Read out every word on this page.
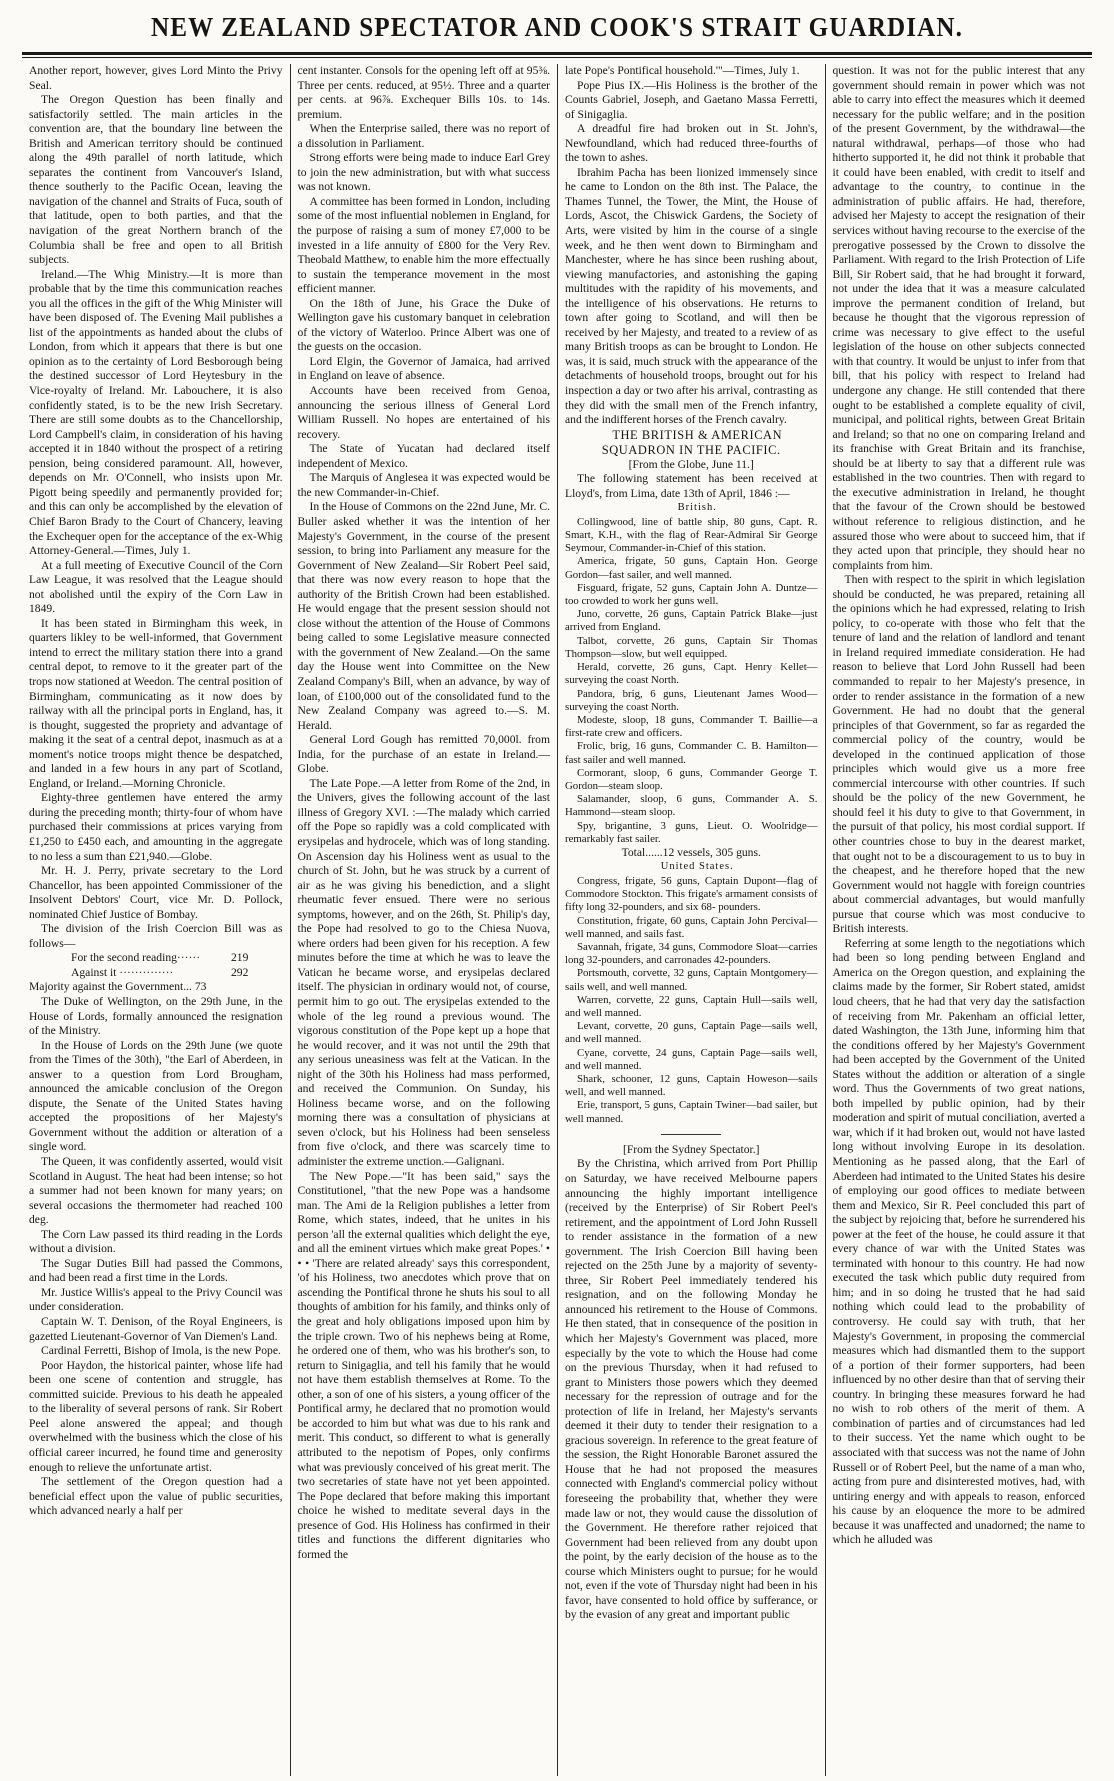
NEW ZEALAND SPECTATOR AND COOK'S STRAIT GUARDIAN.

Another report, however, gives Lord Minto the Privy Seal.

The Oregon Question has been finally and satisfactorily settled. The main articles in the convention are, that the boundary line between the British and American territory should be continued along the 49th parallel of north latitude, which separates the continent from Vancouver's Island, thence southerly to the Pacific Ocean, leaving the navigation of the channel and Straits of Fuca, south of that latitude, open to both parties, and that the navigation of the great Northern branch of the Columbia shall be free and open to all British subjects.

Ireland.—The Whig Ministry.—It is more than probable that by the time this communication reaches you all the offices in the gift of the Whig Minister will have been disposed of. The Evening Mail publishes a list of the appointments as handed about the clubs of London, from which it appears that there is but one opinion as to the certainty of Lord Besborough being the destined successor of Lord Heytesbury in the Vice-royalty of Ireland. Mr. Labouchere, it is also confidently stated, is to be the new Irish Secretary. There are still some doubts as to the Chancellorship, Lord Campbell's claim, in consideration of his having accepted it in 1840 without the prospect of a retiring pension, being considered paramount. All, however, depends on Mr. O'Connell, who insists upon Mr. Pigott being speedily and permanently provided for; and this can only be accomplished by the elevation of Chief Baron Brady to the Court of Chancery, leaving the Exchequer open for the acceptance of the ex-Whig Attorney-General.—Times, July 1.

At a full meeting of Executive Council of the Corn Law League, it was resolved that the League should not abolished until the expiry of the Corn Law in 1849.

It has been stated in Birmingham this week, in quarters likley to be well-informed, that Government intend to errect the military station there into a grand central depot, to remove to it the greater part of the trops now stationed at Weedon. The central position of Birmingham, communicating as it now does by railway with all the principal ports in England, has, it is thought, suggested the propriety and advantage of making it the seat of a central depot, inasmuch as at a moment's notice troops might thence be despatched, and landed in a few hours in any part of Scotland, England, or Ireland.—Morning Chronicle.

Eighty-three gentlemen have entered the army during the preceding month; thirty-four of whom have purchased their commissions at prices varying from £1,250 to £450 each, and amounting in the aggregate to no less a sum than £21,940.—Globe.

Mr. H. J. Perry, private secretary to the Lord Chancellor, has been appointed Commissioner of the Insolvent Debtors' Court, vice Mr. D. Pollock, nominated Chief Justice of Bombay.

The division of the Irish Coercion Bill was as follows—

For the second reading······	219

Against it ··············	292

Majority against the Government... 73

The Duke of Wellington, on the 29th June, in the House of Lords, formally announced the resignation of the Ministry.

In the House of Lords on the 29th June (we quote from the Times of the 30th), "the Earl of Aberdeen, in answer to a question from Lord Brougham, announced the amicable conclusion of the Oregon dispute, the Senate of the United States having accepted the propositions of her Majesty's Government without the addition or alteration of a single word.

The Queen, it was confidently asserted, would visit Scotland in August. The heat had been intense; so hot a summer had not been known for many years; on several occasions the thermometer had reached 100 deg.

The Corn Law passed its third reading in the Lords without a division.

The Sugar Duties Bill had passed the Commons, and had been read a first time in the Lords.

Mr. Justice Willis's appeal to the Privy Council was under consideration.

Captain W. T. Denison, of the Royal Engineers, is gazetted Lieutenant-Governor of Van Diemen's Land.

Cardinal Ferretti, Bishop of Imola, is the new Pope.

Poor Haydon, the historical painter, whose life had been one scene of contention and struggle, has committed suicide. Previous to his death he appealed to the liberality of several persons of rank. Sir Robert Peel alone answered the appeal; and though overwhelmed with the business which the close of his official career incurred, he found time and generosity enough to relieve the unfortunate artist.

The settlement of the Oregon question had a beneficial effect upon the value of public securities, which advanced nearly a half per

cent instanter. Consols for the opening left off at 95⅜. Three per cents. reduced, at 95½. Three and a quarter per cents. at 96⅞. Exchequer Bills 10s. to 14s. premium.

When the Enterprise sailed, there was no report of a dissolution in Parliament.

Strong efforts were being made to induce Earl Grey to join the new administration, but with what success was not known.

A committee has been formed in London, including some of the most influential noblemen in England, for the purpose of raising a sum of money £7,000 to be invested in a life annuity of £800 for the Very Rev. Theobald Matthew, to enable him the more effectually to sustain the temperance movement in the most efficient manner.

On the 18th of June, his Grace the Duke of Wellington gave his customary banquet in celebration of the victory of Waterloo. Prince Albert was one of the guests on the occasion.

Lord Elgin, the Governor of Jamaica, had arrived in England on leave of absence.

Accounts have been received from Genoa, announcing the serious illness of General Lord William Russell. No hopes are entertained of his recovery.

The State of Yucatan had declared itself independent of Mexico.

The Marquis of Anglesea it was expected would be the new Commander-in-Chief.

In the House of Commons on the 22nd June, Mr. C. Buller asked whether it was the intention of her Majesty's Government, in the course of the present session, to bring into Parliament any measure for the Government of New Zealand—Sir Robert Peel said, that there was now every reason to hope that the authority of the British Crown had been established. He would engage that the present session should not close without the attention of the House of Commons being called to some Legislative measure connected with the government of New Zealand.—On the same day the House went into Committee on the New Zealand Company's Bill, when an advance, by way of loan, of £100,000 out of the consolidated fund to the New Zealand Company was agreed to.—S. M. Herald.

General Lord Gough has remitted 70,000l. from India, for the purchase of an estate in Ireland.—Globe.

The Late Pope.—A letter from Rome of the 2nd, in the Univers, gives the following account of the last illness of Gregory XVI. :—The malady which carried off the Pope so rapidly was a cold complicated with erysipelas and hydrocele, which was of long standing. On Ascension day his Holiness went as usual to the church of St. John, but he was struck by a current of air as he was giving his benediction, and a slight rheumatic fever ensued. There were no serious symptoms, however, and on the 26th, St. Philip's day, the Pope had resolved to go to the Chiesa Nuova, where orders had been given for his reception. A few minutes before the time at which he was to leave the Vatican he became worse, and erysipelas declared itself. The physician in ordinary would not, of course, permit him to go out. The erysipelas extended to the whole of the leg round a previous wound. The vigorous constitution of the Pope kept up a hope that he would recover, and it was not until the 29th that any serious uneasiness was felt at the Vatican. In the night of the 30th his Holiness had mass performed, and received the Communion. On Sunday, his Holiness became worse, and on the following morning there was a consultation of physicians at seven o'clock, but his Holiness had been senseless from five o'clock, and there was scarcely time to administer the extreme unction.—Galignani.

The New Pope.—"It has been said," says the Constitutionel, "that the new Pope was a handsome man. The Ami de la Religion publishes a letter from Rome, which states, indeed, that he unites in his person 'all the external qualities which delight the eye, and all the eminent virtues which make great Popes.' • • • 'There are related already' says this correspondent, 'of his Holiness, two anecdotes which prove that on ascending the Pontifical throne he shuts his soul to all thoughts of ambition for his family, and thinks only of the great and holy obligations imposed upon him by the triple crown. Two of his nephews being at Rome, he ordered one of them, who was his brother's son, to return to Sinigaglia, and tell his family that he would not have them establish themselves at Rome. To the other, a son of one of his sisters, a young officer of the Pontifical army, he declared that no promotion would be accorded to him but what was due to his rank and merit. This conduct, so different to what is generally attributed to the nepotism of Popes, only confirms what was previously conceived of his great merit. The two secretaries of state have not yet been appointed. The Pope declared that before making this important choice he wished to meditate several days in the presence of God. His Holiness has confirmed in their titles and functions the different dignitaries who formed the

late Pope's Pontifical household.'"—Times, July 1.

Pope Pius IX.—His Holiness is the brother of the Counts Gabriel, Joseph, and Gaetano Massa Ferretti, of Sinigaglia.

A dreadful fire had broken out in St. John's, Newfoundland, which had reduced three-fourths of the town to ashes.

Ibrahim Pacha has been lionized immensely since he came to London on the 8th inst. The Palace, the Thames Tunnel, the Tower, the Mint, the House of Lords, Ascot, the Chiswick Gardens, the Society of Arts, were visited by him in the course of a single week, and he then went down to Birmingham and Manchester, where he has since been rushing about, viewing manufactories, and astonishing the gaping multitudes with the rapidity of his movements, and the intelligence of his observations. He returns to town after going to Scotland, and will then be received by her Majesty, and treated to a review of as many British troops as can be brought to London. He was, it is said, much struck with the appearance of the detachments of household troops, brought out for his inspection a day or two after his arrival, contrasting as they did with the small men of the French infantry, and the indifferent horses of the French cavalry.

THE BRITISH & AMERICAN SQUADRON IN THE PACIFIC.

[From the Globe, June 11.]

The following statement has been received at Lloyd's, from Lima, date 13th of April, 1846 :—

British.

Collingwood, line of battle ship, 80 guns, Capt. R. Smart, K.H., with the flag of Rear-Admiral Sir George Seymour, Commander-in-Chief of this station.

America, frigate, 50 guns, Captain Hon. George Gordon—fast sailer, and well manned.

Fisguard, frigate, 52 guns, Captain John A. Duntze—too crowded to work her guns well.

Juno, corvette, 26 guns, Captain Patrick Blake—just arrived from England.

Talbot, corvette, 26 guns, Captain Sir Thomas Thompson—slow, but well equipped.

Herald, corvette, 26 guns, Capt. Henry Kellet—surveying the coast North.

Pandora, brig, 6 guns, Lieutenant James Wood—surveying the coast North.

Modeste, sloop, 18 guns, Commander T. Baillie—a first-rate crew and officers.

Frolic, brig, 16 guns, Commander C. B. Hamilton—fast sailer and well manned.

Cormorant, sloop, 6 guns, Commander George T. Gordon—steam sloop.

Salamander, sloop, 6 guns, Commander A. S. Hammond—steam sloop.

Spy, brigantine, 3 guns, Lieut. O. Woolridge—remarkably fast sailer.

Total......12 vessels, 305 guns.

United States.

Congress, frigate, 56 guns, Captain Dupont—flag of Commodore Stockton. This frigate's armament consists of fifty long 32-pounders, and six 68- pounders.

Constitution, frigate, 60 guns, Captain John Percival—well manned, and sails fast.

Savannah, frigate, 34 guns, Commodore Sloat—carries long 32-pounders, and carronades 42-pounders.

Portsmouth, corvette, 32 guns, Captain Montgomery—sails well, and well manned.

Warren, corvette, 22 guns, Captain Hull—sails well, and well manned.

Levant, corvette, 20 guns, Captain Page—sails well, and well manned.

Cyane, corvette, 24 guns, Captain Page—sails well, and well manned.

Shark, schooner, 12 guns, Captain Howeson—sails well, and well manned.

Erie, transport, 5 guns, Captain Twiner—bad sailer, but well manned.

[From the Sydney Spectator.]

By the Christina, which arrived from Port Phillip on Saturday, we have received Melbourne papers announcing the highly important intelligence (received by the Enterprise) of Sir Robert Peel's retirement, and the appointment of Lord John Russell to render assistance in the formation of a new government. The Irish Coercion Bill having been rejected on the 25th June by a majority of seventy-three, Sir Robert Peel immediately tendered his resignation, and on the following Monday he announced his retirement to the House of Commons. He then stated, that in consequence of the position in which her Majesty's Government was placed, more especially by the vote to which the House had come on the previous Thursday, when it had refused to grant to Ministers those powers which they deemed necessary for the repression of outrage and for the protection of life in Ireland, her Majesty's servants deemed it their duty to tender their resignation to a gracious sovereign. In reference to the great feature of the session, the Right Honorable Baronet assured the House that he had not proposed the measures connected with England's commercial policy without foreseeing the probability that, whether they were made law or not, they would cause the dissolution of the Government. He therefore rather rejoiced that Government had been relieved from any doubt upon the point, by the early decision of the house as to the course which Ministers ought to pursue; for he would not, even if the vote of Thursday night had been in his favor, have consented to hold office by sufferance, or by the evasion of any great and important public

question. It was not for the public interest that any government should remain in power which was not able to carry into effect the measures which it deemed necessary for the public welfare; and in the position of the present Government, by the withdrawal—the natural withdrawal, perhaps—of those who had hitherto supported it, he did not think it probable that it could have been enabled, with credit to itself and advantage to the country, to continue in the administration of public affairs. He had, therefore, advised her Majesty to accept the resignation of their services without having recourse to the exercise of the prerogative possessed by the Crown to dissolve the Parliament. With regard to the Irish Protection of Life Bill, Sir Robert said, that he had brought it forward, not under the idea that it was a measure calculated improve the permanent condition of Ireland, but because he thought that the vigorous repression of crime was necessary to give effect to the useful legislation of the house on other subjects connected with that country. It would be unjust to infer from that bill, that his policy with respect to Ireland had undergone any change. He still contended that there ought to be established a complete equality of civil, municipal, and political rights, between Great Britain and Ireland; so that no one on comparing Ireland and its franchise with Great Britain and its franchise, should be at liberty to say that a different rule was established in the two countries. Then with regard to the executive administration in Ireland, he thought that the favour of the Crown should be bestowed without reference to religious distinction, and he assured those who were about to succeed him, that if they acted upon that principle, they should hear no complaints from him.

Then with respect to the spirit in which legislation should be conducted, he was prepared, retaining all the opinions which he had expressed, relating to Irish policy, to co-operate with those who felt that the tenure of land and the relation of landlord and tenant in Ireland required immediate consideration. He had reason to believe that Lord John Russell had been commanded to repair to her Majesty's presence, in order to render assistance in the formation of a new Government. He had no doubt that the general principles of that Government, so far as regarded the commercial policy of the country, would be developed in the continued application of those principles which would give us a more free commercial intercourse with other countries. If such should be the policy of the new Government, he should feel it his duty to give to that Government, in the pursuit of that policy, his most cordial support. If other countries chose to buy in the dearest market, that ought not to be a discouragement to us to buy in the cheapest, and he therefore hoped that the new Government would not haggle with foreign countries about commercial advantages, but would manfully pursue that course which was most conducive to British interests.

Referring at some length to the negotiations which had been so long pending between England and America on the Oregon question, and explaining the claims made by the former, Sir Robert stated, amidst loud cheers, that he had that very day the satisfaction of receiving from Mr. Pakenham an official letter, dated Washington, the 13th June, informing him that the conditions offered by her Majesty's Government had been accepted by the Government of the United States without the addition or alteration of a single word. Thus the Governments of two great nations, both impelled by public opinion, had by their moderation and spirit of mutual conciliation, averted a war, which if it had broken out, would not have lasted long without involving Europe in its desolation. Mentioning as he passed along, that the Earl of Aberdeen had intimated to the United States his desire of employing our good offices to mediate between them and Mexico, Sir R. Peel concluded this part of the subject by rejoicing that, before he surrendered his power at the feet of the house, he could assure it that every chance of war with the United States was terminated with honour to this country. He had now executed the task which public duty required from him; and in so doing he trusted that he had said nothing which could lead to the probability of controversy. He could say with truth, that her Majesty's Government, in proposing the commercial measures which had dismantled them to the support of a portion of their former supporters, had been influenced by no other desire than that of serving their country. In bringing these measures forward he had no wish to rob others of the merit of them. A combination of parties and of circumstances had led to their success. Yet the name which ought to be associated with that success was not the name of John Russell or of Robert Peel, but the name of a man who, acting from pure and disinterested motives, had, with untiring energy and with appeals to reason, enforced his cause by an eloquence the more to be admired because it was unaffected and unadorned; the name to which he alluded was
